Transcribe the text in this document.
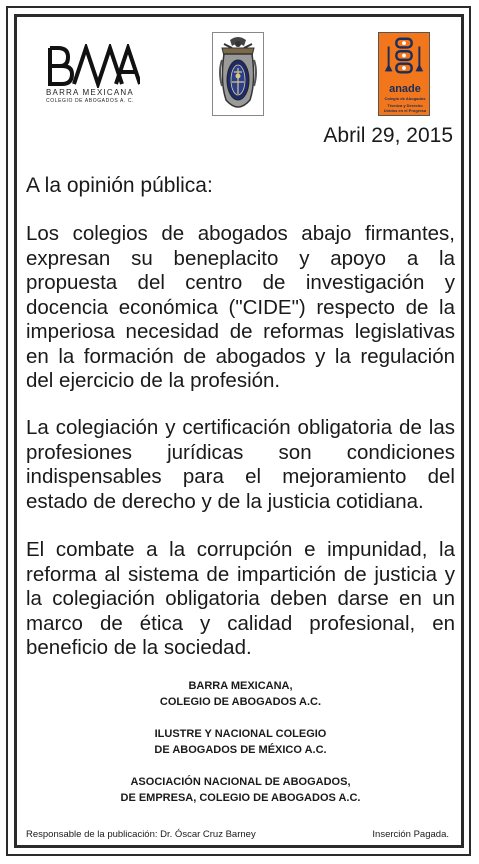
BARRA MEXICANA
COLEGIO DE ABOGADOS A. C.
anade
Colegio de Abogados
Técnica y Derecho
Unidos en el Progreso
Abril 29, 2015
A la opinión pública:

Los colegios de abogados abajo firmantes, expresan su beneplacito y apoyo a la propuesta del centro de investigación y docencia económica ("CIDE") respecto de la imperiosa necesidad de reformas legislativas en la formación de abogados y la regulación del ejercicio de la profesión.

La colegiación y certificación obligatoria de las profesiones jurídicas son condiciones indispensables para el mejoramiento del estado de derecho y de la justicia cotidiana.

El combate a la corrupción e impunidad, la reforma al sistema de impartición de justicia y la colegiación obligatoria deben darse en un marco de ética y calidad profesional, en beneficio de la sociedad.

BARRA MEXICANA,
COLEGIO DE ABOGADOS A.C.
ILUSTRE Y NACIONAL COLEGIO
DE ABOGADOS DE MÉXICO A.C.
ASOCIACIÓN NACIONAL DE ABOGADOS,
DE EMPRESA, COLEGIO DE ABOGADOS A.C.
Responsable de la publicación: Dr. Óscar Cruz Barney	Inserción Pagada.
